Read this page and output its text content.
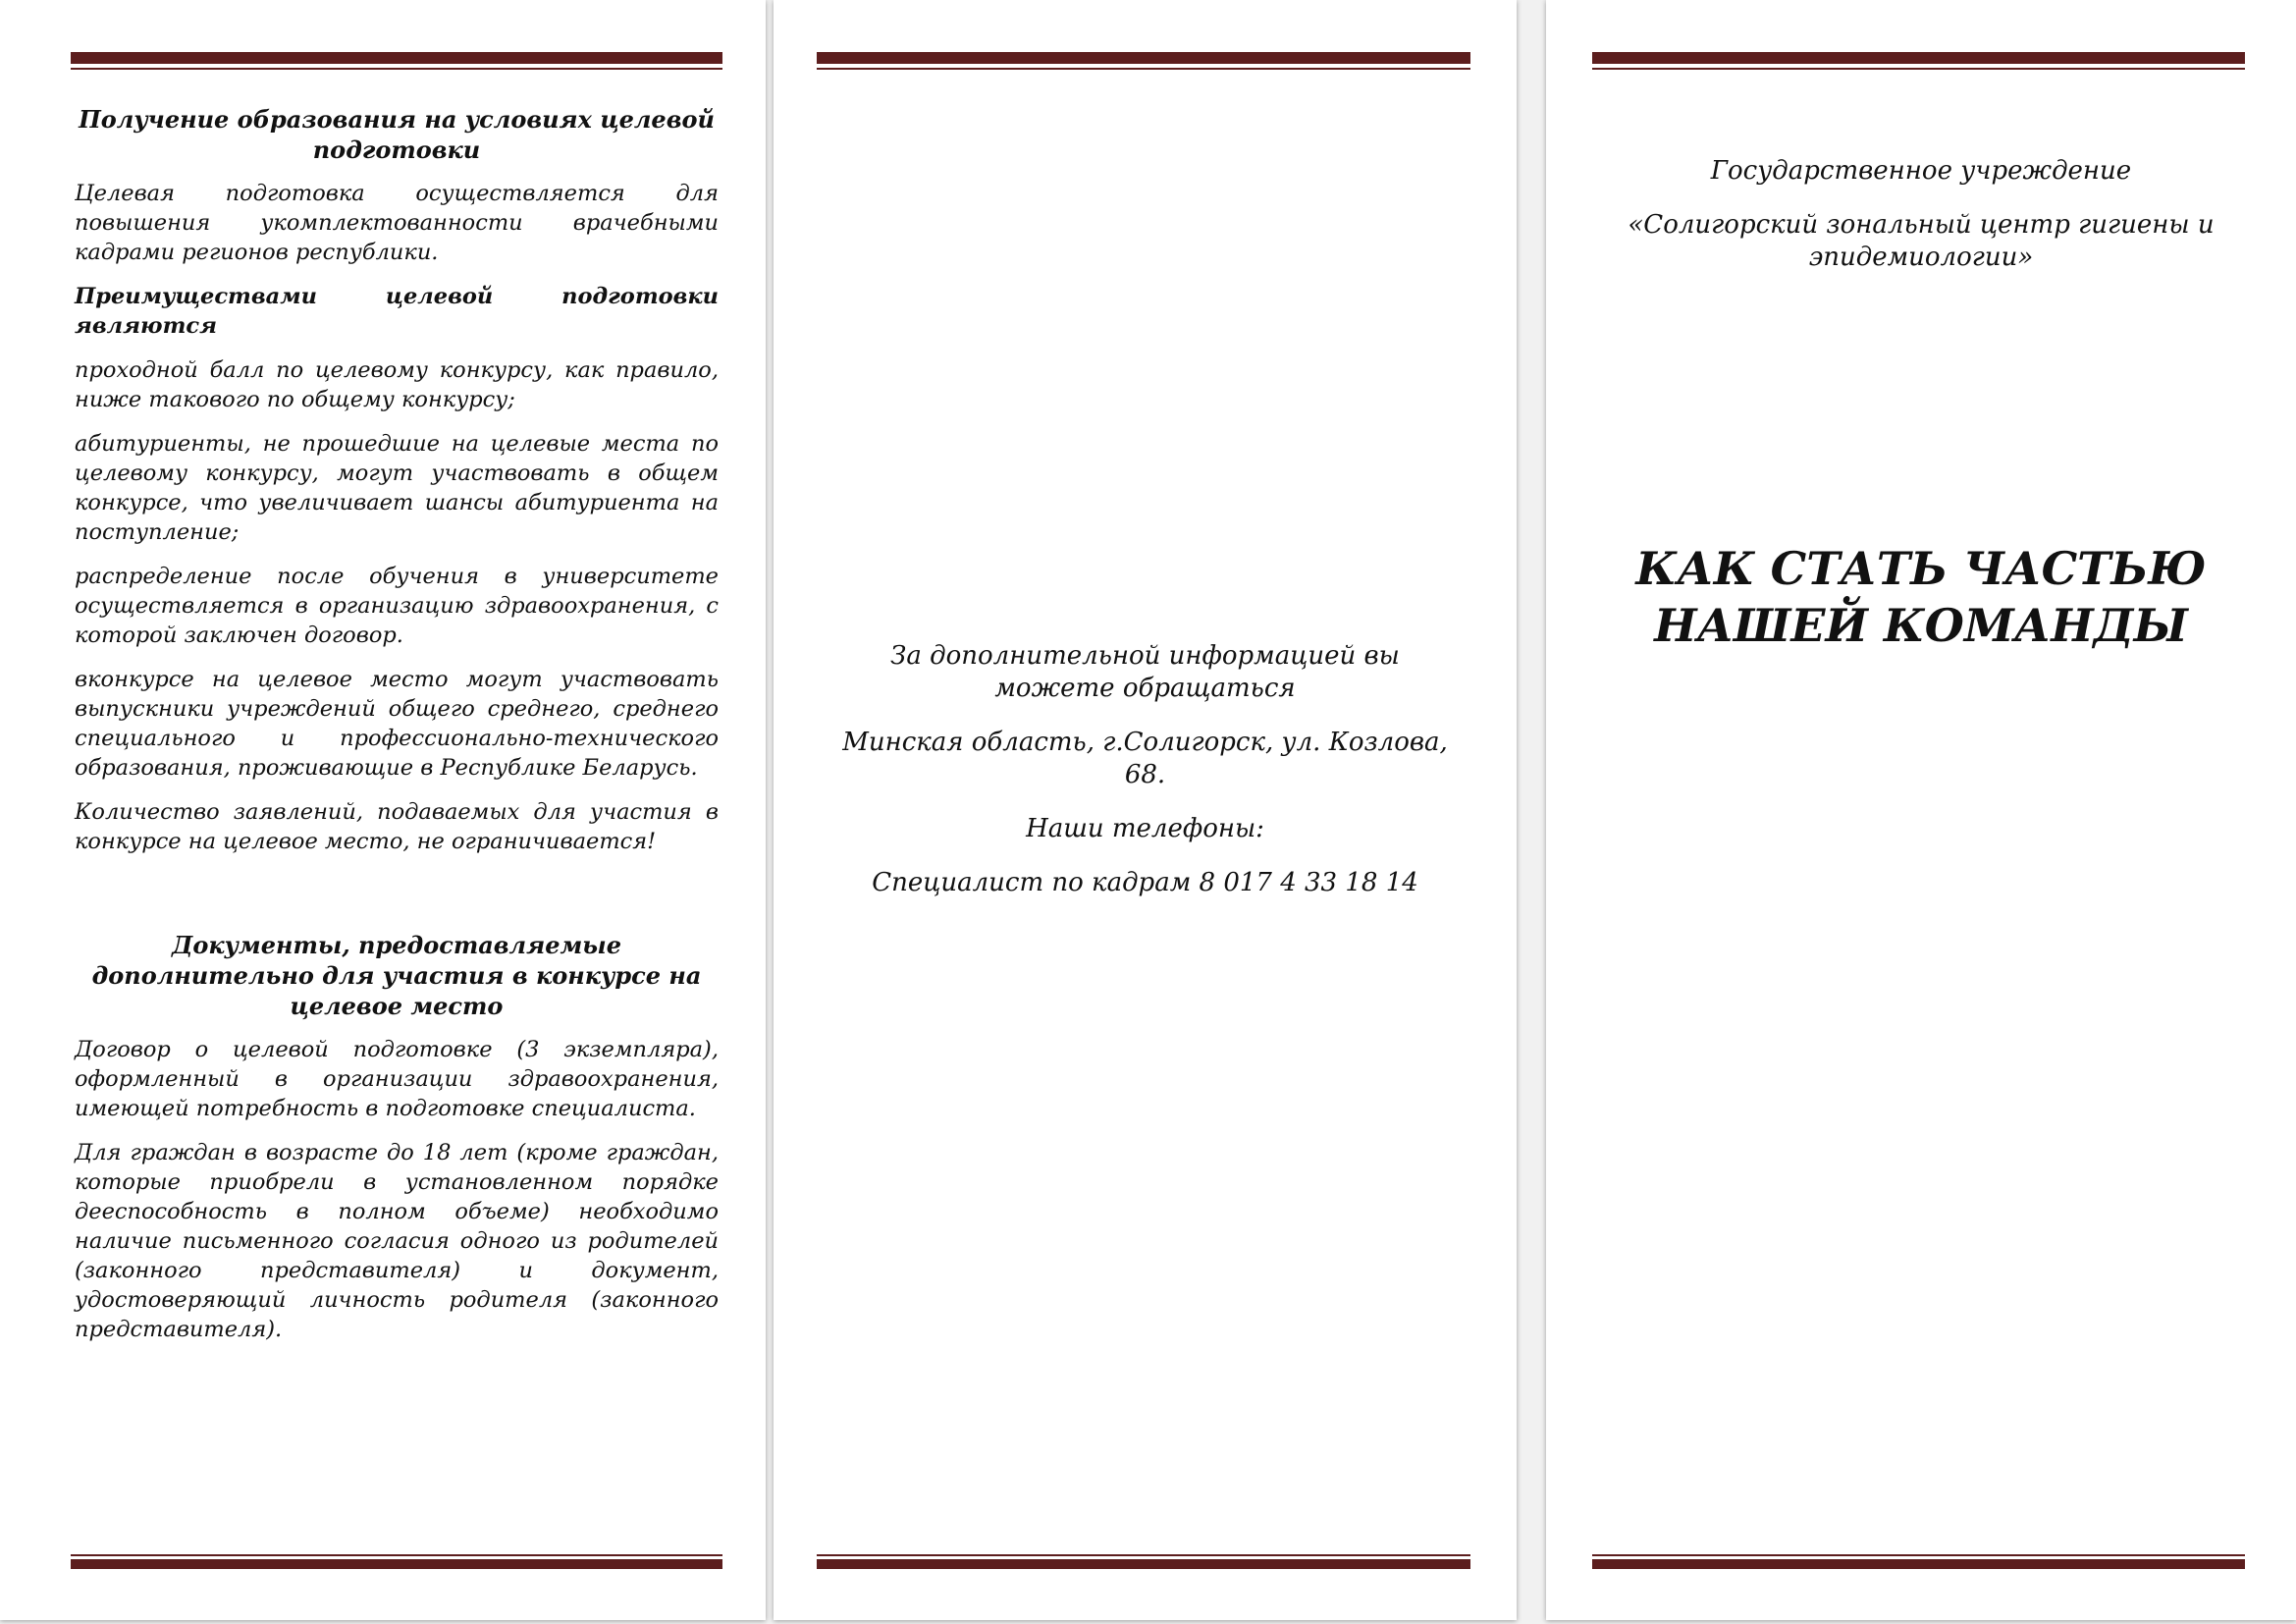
Получение образования на условиях целевой подготовки

Целевая подготовка осуществляется для повышения укомплектованности врачебными кадрами регионов республики.

Преимуществами целевой подготовки являются

проходной балл по целевому конкурсу, как правило, ниже таковогo по общему конкурсу;

абитуриенты, не прошедшие на целевые места по целевому конкурсу, могут участвовать в общем конкурсе, что увеличивает шансы абитуриента на поступление;

распределение после обучения в университете осуществляется в организацию здравоохранения, с которой заключен договор.

вконкурсе на целевое место могут участвовать выпускники учреждений общего среднего, среднего специального и профессионально-технического образования, проживающие в Республике Беларусь.

Количество заявлений, подаваемых для участия в конкурсе на целевое место, не ограничивается!

Документы, предоставляемые дополнительно для участия в конкурсе на целевое место

Договор о целевой подготовке (3 экземпляра), оформленный в организации здравоохранения, имеющей потребность в подготовке специалиста.

Для граждан в возрасте до 18 лет (кроме граждан, которые приобрели в установленном порядке дееспособность в полном объеме) необходимо наличие письменного согласия одного из родителей (законного представителя) и документ, удостоверяющий личность родителя (законного представителя).

За дополнительной информацией вы можете обращаться

Минская область, г.Солигорск, ул. Козлова, 68.

Наши телефоны:

Специалист по кадрам 8 017 4 33 18 14

Государственное учреждение

«Солигорский зональный центр гигиены и эпидемиологии»

КАК СТАТЬ ЧАСТЬЮ
НАШЕЙ КОМАНДЫ
